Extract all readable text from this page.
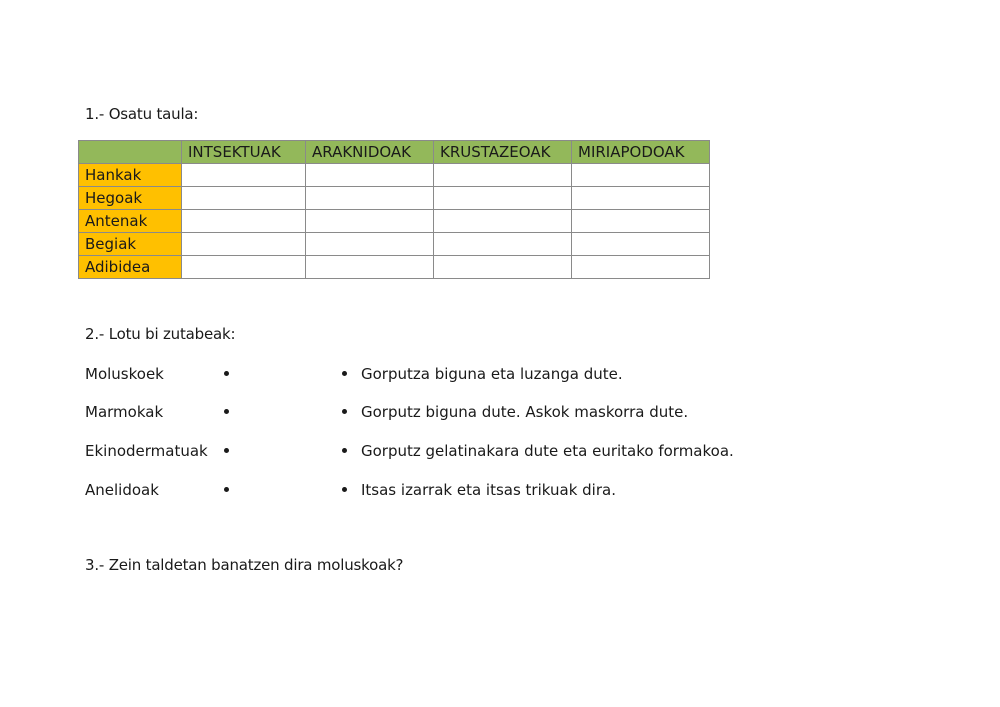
1.- Osatu taula:
	INTSEKTUAK	ARAKNIDOAK	KRUSTAZEOAK	MIRIAPODOAK
Hankak				
Hegoak				
Antenak				
Begiak				
Adibidea				
2.- Lotu bi zutabeak:
Moluskoek	Gorputza biguna eta luzanga dute.
Marmokak	Gorputz biguna dute. Askok maskorra dute.
Ekinodermatuak	Gorputz gelatinakara dute eta euritako formakoa.
Anelidoak	Itsas izarrak eta itsas trikuak dira.
3.- Zein taldetan banatzen dira moluskoak?
